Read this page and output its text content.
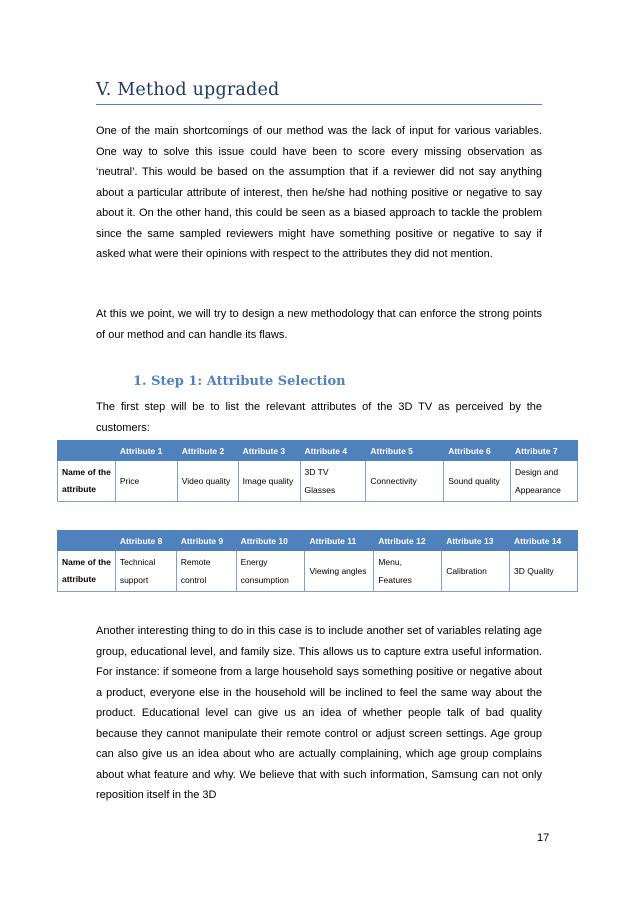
V. Method upgraded

One of the main shortcomings of our method was the lack of input for various variables. One way to solve this issue could have been to score every missing observation as ‘neutral’. This would be based on the assumption that if a reviewer did not say anything about a particular attribute of interest, then he/she had nothing positive or negative to say about it. On the other hand, this could be seen as a biased approach to tackle the problem since the same sampled reviewers might have something positive or negative to say if asked what were their opinions with respect to the attributes they did not mention.

At this we point, we will try to design a new methodology that can enforce the strong points of our method and can handle its flaws.

1. Step 1: Attribute Selection

The first step will be to list the relevant attributes of the 3D TV as perceived by the customers:

	Attribute 1	Attribute 2	Attribute 3	Attribute 4	Attribute 5	Attribute 6	Attribute 7
Name of the attribute	Price	Video quality	Image quality	3D TV Glasses	Connectivity	Sound quality	Design and Appearance
	Attribute 8	Attribute 9	Attribute 10	Attribute 11	Attribute 12	Attribute 13	Attribute 14
Name of the attribute	Technical support	Remote control	Energy consumption	Viewing angles	Menu, Features	Calibration	3D Quality

Another interesting thing to do in this case is to include another set of variables relating age group, educational level, and family size. This allows us to capture extra useful information. For instance: if someone from a large household says something positive or negative about a product, everyone else in the household will be inclined to feel the same way about the product. Educational level can give us an idea of whether people talk of bad quality because they cannot manipulate their remote control or adjust screen settings. Age group can also give us an idea about who are actually complaining, which age group complains about what feature and why. We believe that with such information, Samsung can not only reposition itself in the 3D

17
